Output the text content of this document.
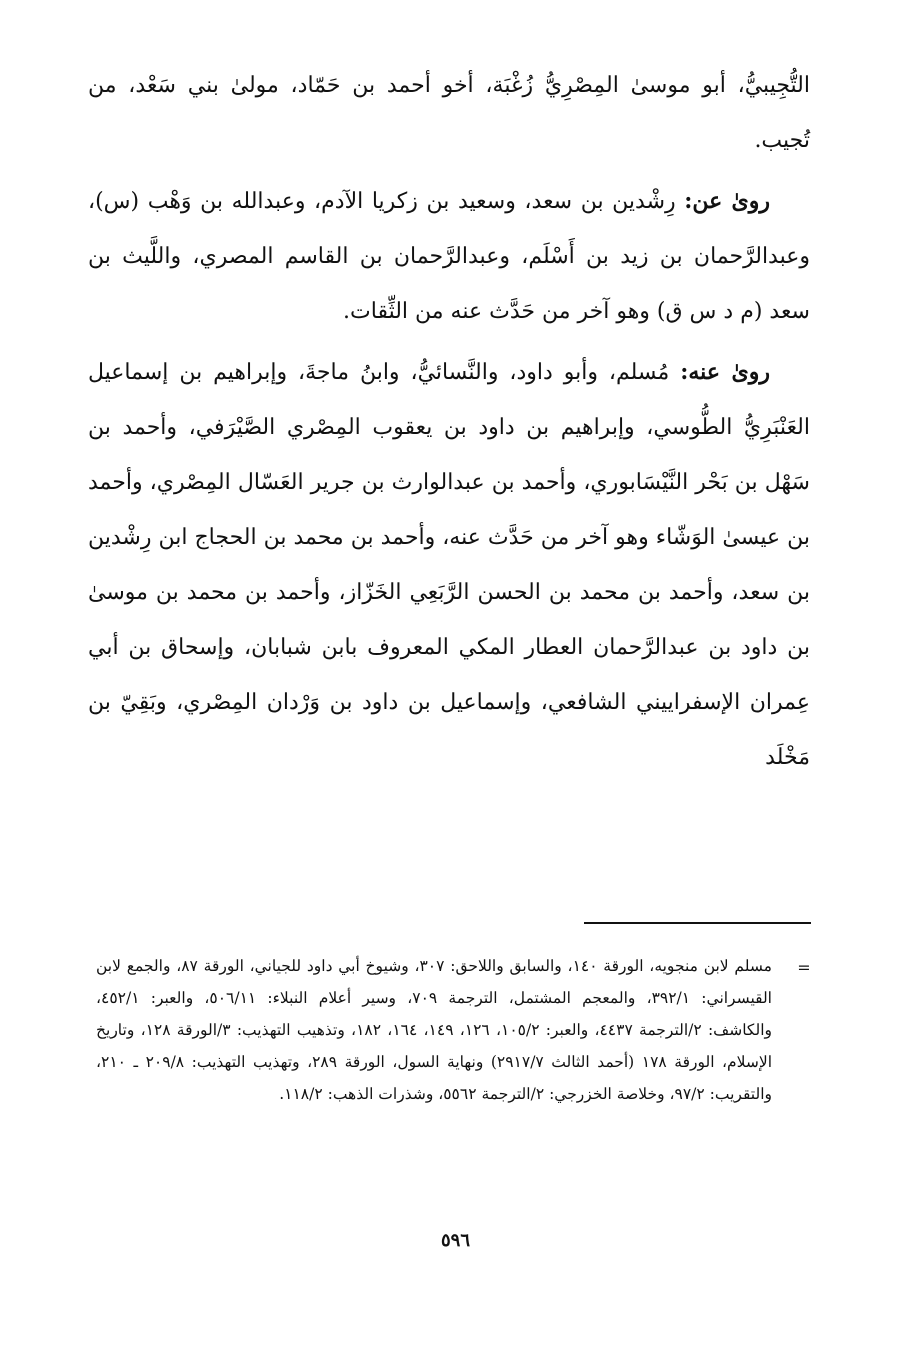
التُّجِيبيُّ، أبو موسىٰ المِصْرِيُّ زُغْبَة، أخو أحمد بن حَمّاد، مولىٰ بني سَعْد، من تُجيب.

روىٰ عن: رِشْدين بن سعد، وسعيد بن زكريا الآدم، وعبدالله بن وَهْب (س)، وعبدالرَّحمان بن زيد بن أَسْلَم، وعبدالرَّحمان بن القاسم المصري، واللَّيث بن سعد (م د س ق) وهو آخر من حَدَّث عنه من الثِّقات.

روىٰ عنه: مُسلم، وأبو داود، والنَّسائيُّ، وابنُ ماجةَ، وإبراهيم بن إسماعيل العَنْبَرِيُّ الطُّوسي، وإبراهيم بن داود بن يعقوب المِصْري الصَّيْرَفي، وأحمد بن سَهْل بن بَحْر النَّيْسَابوري، وأحمد بن عبدالوارث بن جرير العَسّال المِصْري، وأحمد بن عيسىٰ الوَشّاء وهو آخر من حَدَّث عنه، وأحمد بن محمد بن الحجاج ابن رِشْدين بن سعد، وأحمد بن محمد بن الحسن الرَّبَعِي الخَزّاز، وأحمد بن محمد بن موسىٰ بن داود بن عبدالرَّحمان العطار المكي المعروف بابن شبابان، وإسحاق بن أبي عِمران الإسفراييني الشافعي، وإسماعيل بن داود بن وَرْدان المِصْري، وبَقِيّ بن مَخْلَد

=
مسلم لابن منجويه، الورقة ١٤٠، والسابق واللاحق: ٣٠٧، وشيوخ أبي داود للجياني، الورقة ٨٧، والجمع لابن القيسراني: ٣٩٢/١، والمعجم المشتمل، الترجمة ٧٠٩، وسير أعلام النبلاء: ٥٠٦/١١، والعبر: ٤٥٢/١، والكاشف: ٢/الترجمة ٤٤٣٧، والعبر: ١٠٥/٢، ١٢٦، ١٤٩، ١٦٤، ١٨٢، وتذهيب التهذيب: ٣/الورقة ١٢٨، وتاريخ الإسلام، الورقة ١٧٨ (أحمد الثالث ٢٩١٧/٧) ونهاية السول، الورقة ٢٨٩، وتهذيب التهذيب: ٢٠٩/٨ ـ ٢١٠، والتقريب: ٩٧/٢، وخلاصة الخزرجي: ٢/الترجمة ٥٥٦٢، وشذرات الذهب: ١١٨/٢.
٥٩٦
